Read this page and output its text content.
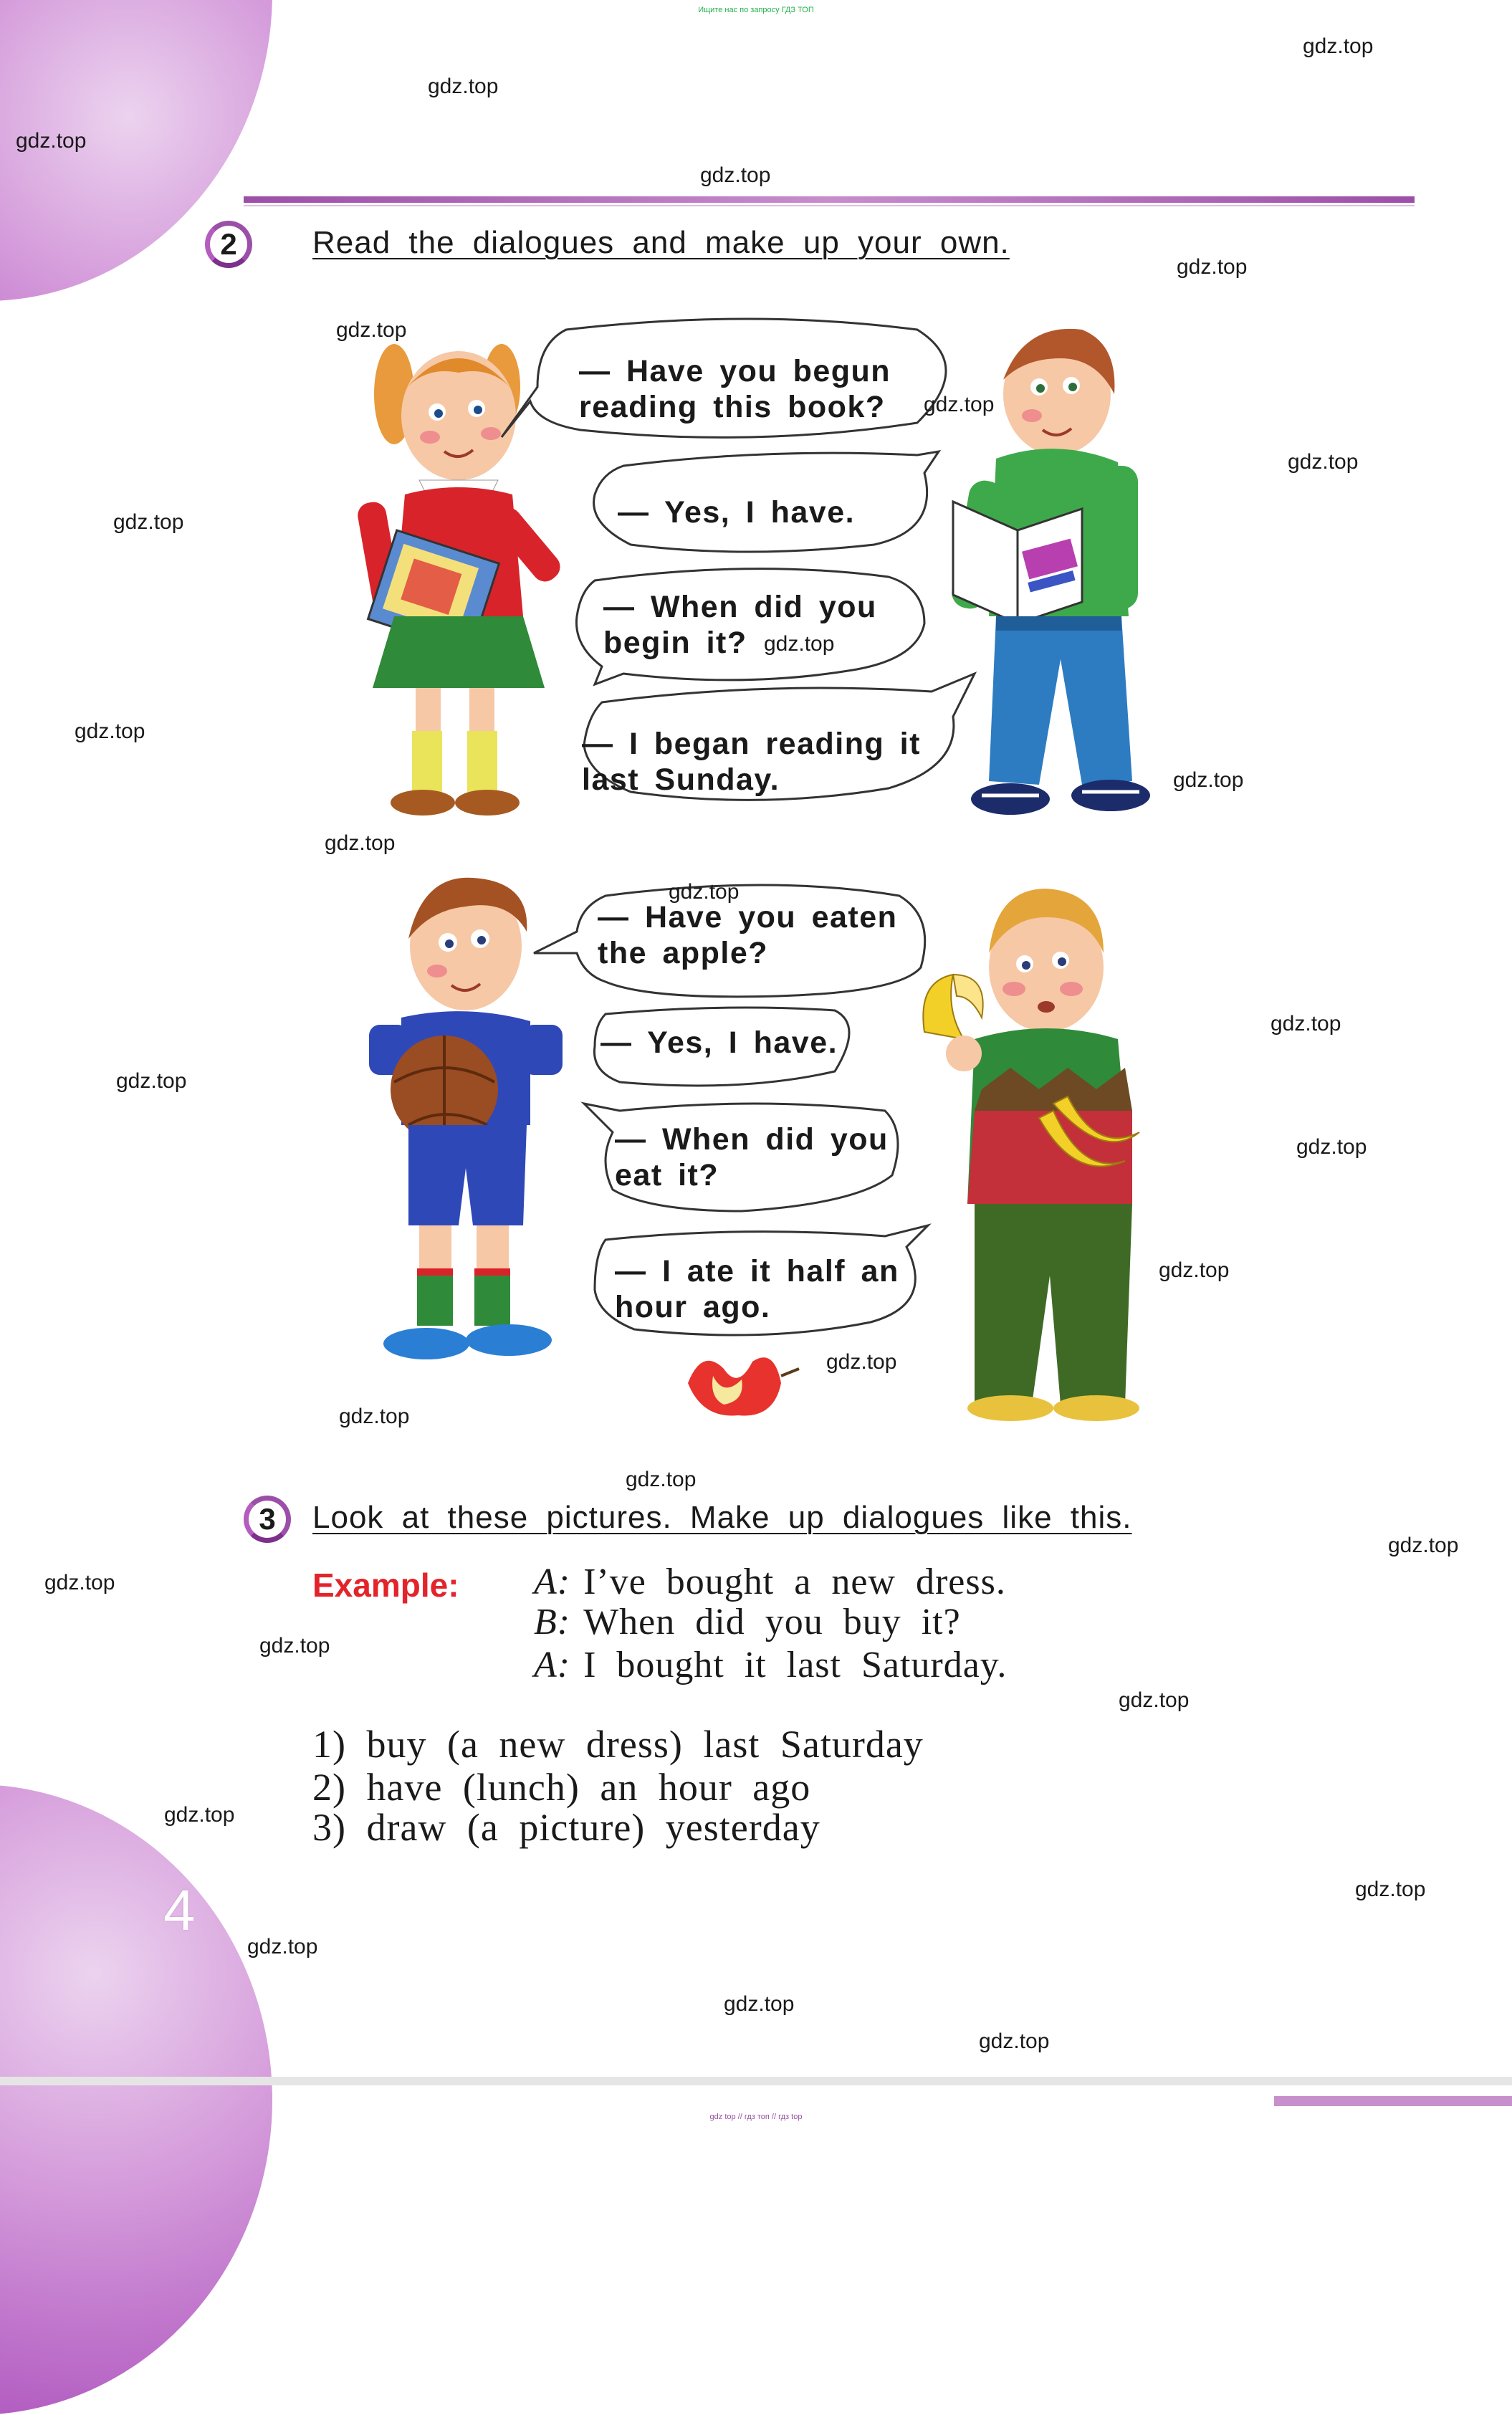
Ищите нас по запросу ГДЗ ТОП
2	Read the dialogues and make up your own.
— Have you begun
reading this book?
— Yes, I have.
— When did you
begin it?
— I began reading it
last Sunday.
— Have you eaten
the apple?
— Yes, I have.
— When did you
eat it?
— I ate it half an
hour ago.
3	Look at these pictures. Make up dialogues like this.
Example: A: I’ve bought a new dress.
B: When did you buy it?
A: I bought it last Saturday.
1) buy (a new dress) last Saturday
2) have (lunch) an hour ago
3) draw (a picture) yesterday
4
gdz.top
gdz.top
gdz.top
gdz.top
gdz.top
gdz.top
gdz.top
gdz.top
gdz.top
gdz.top
gdz.top
gdz.top
gdz.top
gdz.top
gdz.top
gdz.top
gdz.top
gdz.top
gdz.top
gdz.top
gdz.top
gdz.top
gdz.top
gdz.top
gdz.top
gdz.top
gdz.top
gdz.top
gdz.top
gdz.top
gdz top // гдз топ // гдз top
